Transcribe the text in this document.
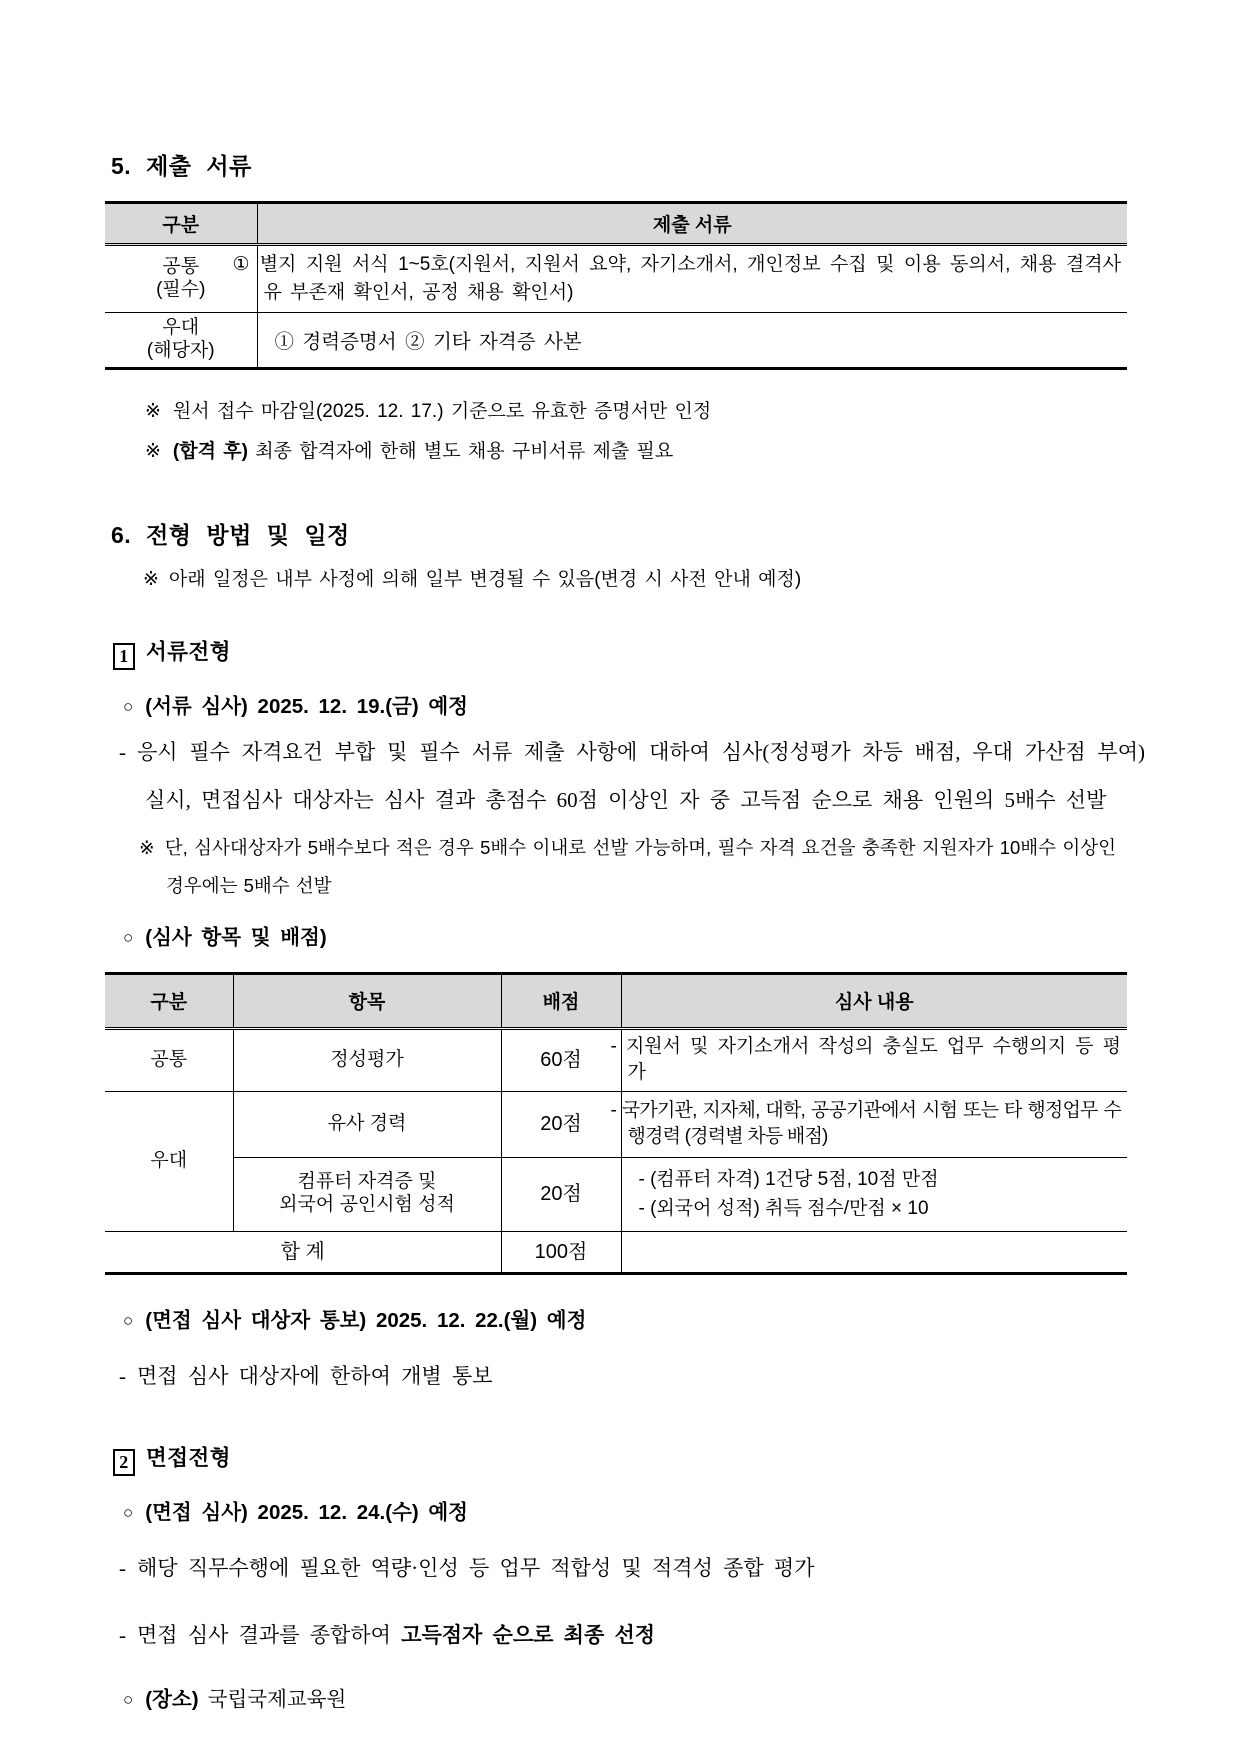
5. 제출 서류
구분	제출 서류

공통
(필수)	① 별지 지원 서식 1~5호(지원서, 지원서 요약, 자기소개서, 개인정보 수집 및 이용 동의서, 채용 결격사유 부존재 확인서, 공정 채용 확인서)

우대
(해당자)	① 경력증명서 ② 기타 자격증 사본
※ 원서 접수 마감일(2025. 12. 17.) 기준으로 유효한 증명서만 인정
※ (합격 후) 최종 합격자에 한해 별도 채용 구비서류 제출 필요
6. 전형 방법 및 일정
※ 아래 일정은 내부 사정에 의해 일부 변경될 수 있음(변경 시 사전 안내 예정)
1 서류전형
○ (서류 심사) 2025. 12. 19.(금) 예정
- 응시 필수 자격요건 부합 및 필수 서류 제출 사항에 대하여 심사(정성평가 차등 배점, 우대 가산점 부여) 실시, 면접심사 대상자는 심사 결과 총점수 60점 이상인 자 중 고득점 순으로 채용 인원의 5배수 선발
※ 단, 심사대상자가 5배수보다 적은 경우 5배수 이내로 선발 가능하며, 필수 자격 요건을 충족한 지원자가 10배수 이상인 경우에는 5배수 선발
○ (심사 항목 및 배점)
구분	항목	배점	심사 내용
공통	정성평가	60점	- 지원서 및 자기소개서 작성의 충실도 업무 수행의지 등 평가
우대	유사 경력	20점	- 국가기관, 지자체, 대학, 공공기관에서 시험 또는 타 행정업무 수행경력 (경력별 차등 배점)

컴퓨터 자격증 및
외국어 공인시험 성적	20점	
- (컴퓨터 자격) 1건당 5점, 10점 만점
- (외국어 성적) 취득 점수/만점 × 10

합 계		100점	
○ (면접 심사 대상자 통보) 2025. 12. 22.(월) 예정
- 면접 심사 대상자에 한하여 개별 통보
2 면접전형
○ (면접 심사) 2025. 12. 24.(수) 예정
- 해당 직무수행에 필요한 역량·인성 등 업무 적합성 및 적격성 종합 평가
- 면접 심사 결과를 종합하여 고득점자 순으로 최종 선정
○ (장소) 국립국제교육원
